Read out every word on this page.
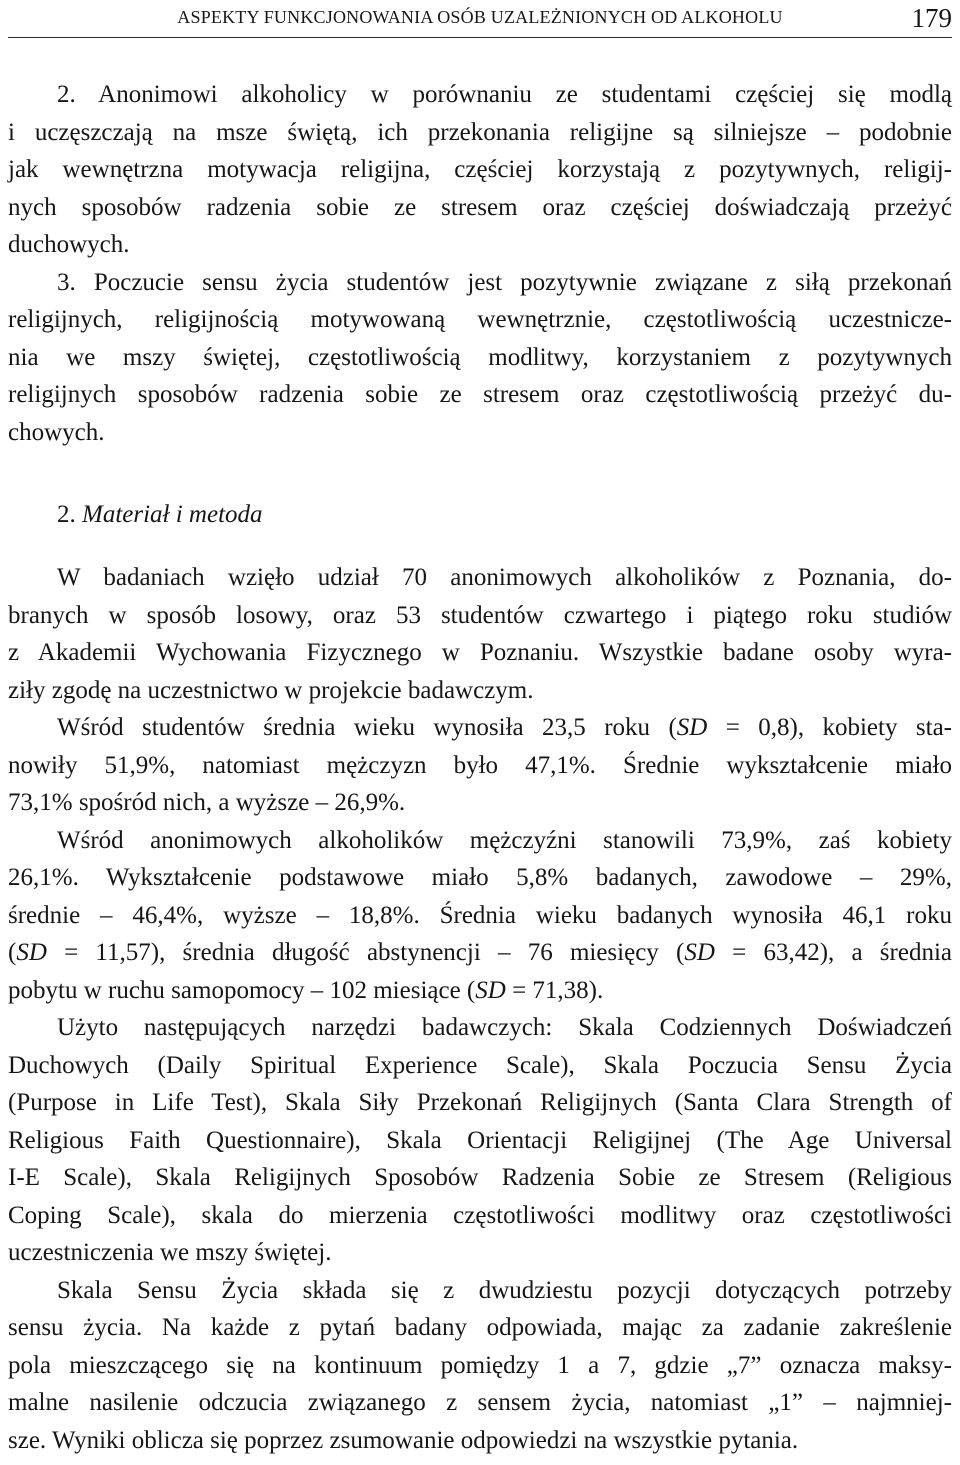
ASPEKTY FUNKCJONOWANIA OSÓB UZALEŻNIONYCH OD ALKOHOLU	179
2. Anonimowi alkoholicy w porównaniu ze studentami częściej się modlą
i uczęszczają na msze świętą, ich przekonania religijne są silniejsze – podobnie
jak wewnętrzna motywacja religijna, częściej korzystają z pozytywnych, religij-
nych sposobów radzenia sobie ze stresem oraz częściej doświadczają przeżyć
duchowych.
3. Poczucie sensu życia studentów jest pozytywnie związane z siłą przekonań
religijnych, religijnością motywowaną wewnętrznie, częstotliwością uczestnicze-
nia we mszy świętej, częstotliwością modlitwy, korzystaniem z pozytywnych
religijnych sposobów radzenia sobie ze stresem oraz częstotliwością przeżyć du-
chowych.
2. Materiał i metoda
W badaniach wzięło udział 70 anonimowych alkoholików z Poznania, do-
branych w sposób losowy, oraz 53 studentów czwartego i piątego roku studiów
z Akademii Wychowania Fizycznego w Poznaniu. Wszystkie badane osoby wyra-
ziły zgodę na uczestnictwo w projekcie badawczym.
Wśród studentów średnia wieku wynosiła 23,5 roku (SD = 0,8), kobiety sta-
nowiły 51,9%, natomiast mężczyzn było 47,1%. Średnie wykształcenie miało
73,1% spośród nich, a wyższe – 26,9%.
Wśród anonimowych alkoholików mężczyźni stanowili 73,9%, zaś kobiety
26,1%. Wykształcenie podstawowe miało 5,8% badanych, zawodowe – 29%,
średnie – 46,4%, wyższe – 18,8%. Średnia wieku badanych wynosiła 46,1 roku
(SD = 11,57), średnia długość abstynencji – 76 miesięcy (SD = 63,42), a średnia
pobytu w ruchu samopomocy – 102 miesiące (SD = 71,38).
Użyto następujących narzędzi badawczych: Skala Codziennych Doświadczeń
Duchowych (Daily Spiritual Experience Scale), Skala Poczucia Sensu Życia
(Purpose in Life Test), Skala Siły Przekonań Religijnych (Santa Clara Strength of
Religious Faith Questionnaire), Skala Orientacji Religijnej (The Age Universal
I-E Scale), Skala Religijnych Sposobów Radzenia Sobie ze Stresem (Religious
Coping Scale), skala do mierzenia częstotliwości modlitwy oraz częstotliwości
uczestniczenia we mszy świętej.
Skala Sensu Życia składa się z dwudziestu pozycji dotyczących potrzeby
sensu życia. Na każde z pytań badany odpowiada, mając za zadanie zakreślenie
pola mieszczącego się na kontinuum pomiędzy 1 a 7, gdzie „7” oznacza maksy-
malne nasilenie odczucia związanego z sensem życia, natomiast „1” – najmniej-
sze. Wyniki oblicza się poprzez zsumowanie odpowiedzi na wszystkie pytania.
